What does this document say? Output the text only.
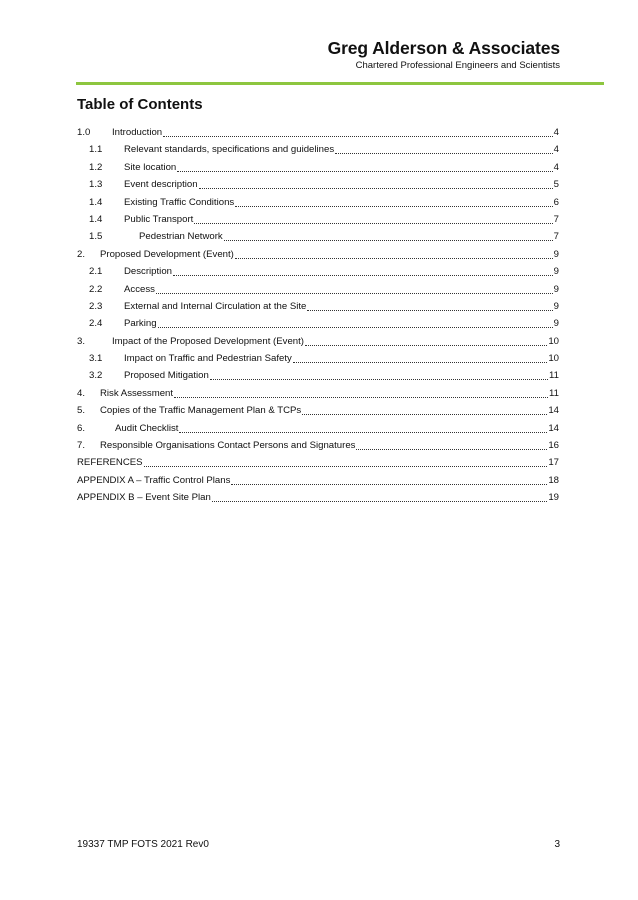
Greg Alderson & Associates
Chartered Professional Engineers and Scientists
Table of Contents
1.0 Introduction	4
1.1 Relevant standards, specifications and guidelines	4
1.2 Site location	4
1.3 Event description	5
1.4 Existing Traffic Conditions	6
1.4 Public Transport	7
1.5	Pedestrian Network	7
2. Proposed Development (Event)	9
2.1 Description	9
2.2 Access	9
2.3 External and Internal Circulation at the Site	9
2.4 Parking	9
3.	Impact of the Proposed Development (Event)	10
3.1 Impact on Traffic and Pedestrian Safety	10
3.2 Proposed Mitigation	11
4. Risk Assessment	11
5. Copies of the Traffic Management Plan & TCPs	14
6.	Audit Checklist	14
7. Responsible Organisations Contact Persons and Signatures	16
REFERENCES	17
APPENDIX A – Traffic Control Plans	18
APPENDIX B – Event Site Plan	19
19337 TMP FOTS 2021 Rev0	3
